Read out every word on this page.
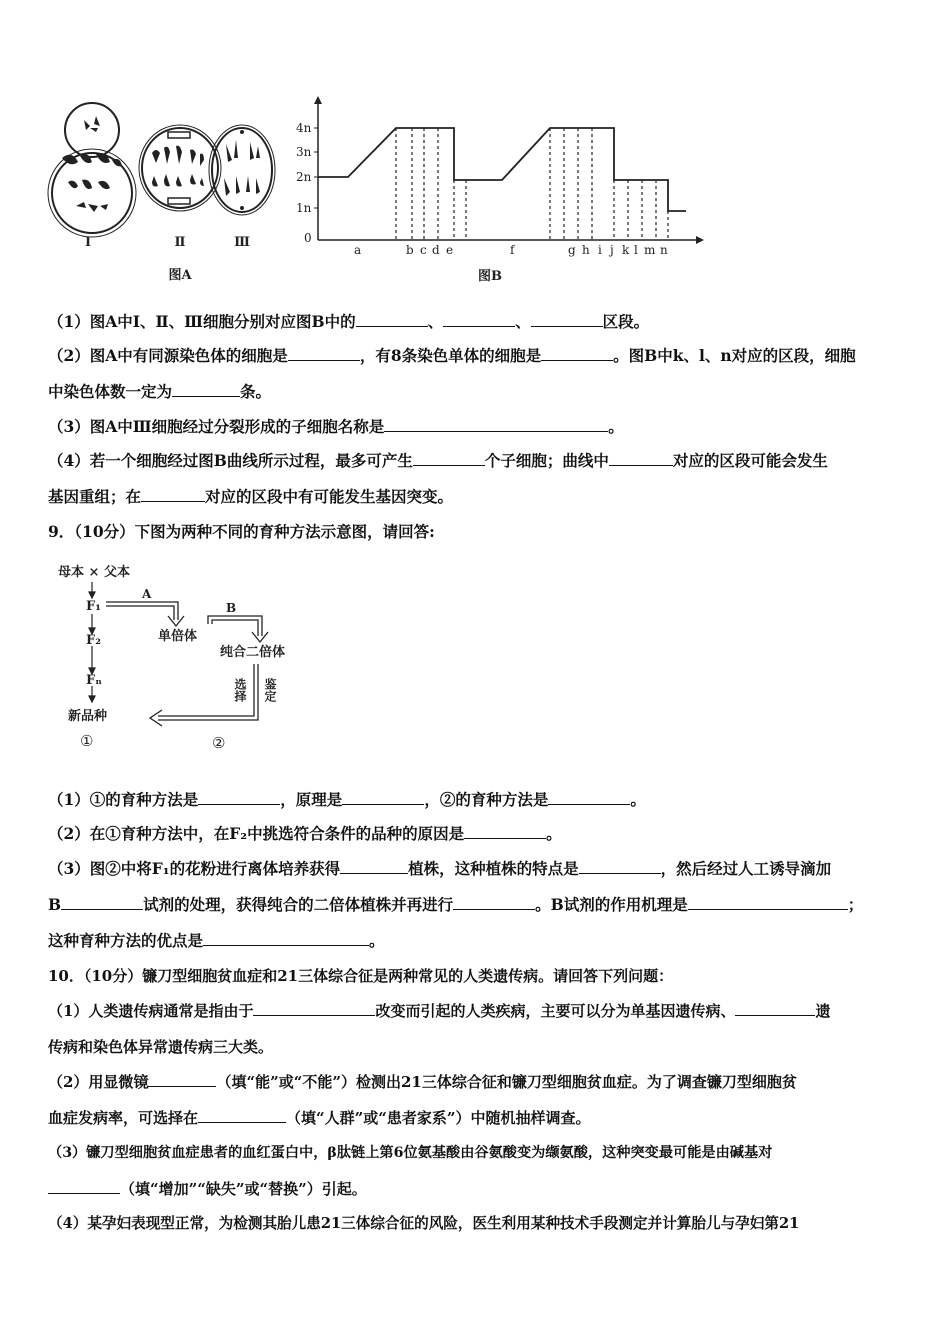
Ⅰ	Ⅱ	Ⅲ
图A
4n
3n
2n
1n
0
a	b c d e	f	g h i j k l m n
图B
（1）图A中Ⅰ、Ⅱ、Ⅲ细胞分别对应图B中的	、	、	区段。
（2）图A中有同源染色体的细胞是	，有8条染色单体的细胞是	。图B中k、l、n对应的区段，细胞
中染色体数一定为	条。
（3）图A中Ⅲ细胞经过分裂形成的子细胞名称是	。
（4）若一个细胞经过图B曲线所示过程，最多可产生	个子细胞；曲线中	对应的区段可能会发生
基因重组；在	对应的区段中有可能发生基因突变。
9．（10分）下图为两种不同的育种方法示意图，请回答:
母本 × 父本
F₁
F₂
Fₙ
新品种
①
A
单倍体
B
纯合二倍体
选择 鉴定
②
（1）①的育种方法是	，原理是	，②的育种方法是	。
（2）在①育种方法中，在F₂中挑选符合条件的品种的原因是	。
（3）图②中将F₁的花粉进行离体培养获得	植株，这种植株的特点是	，然后经过人工诱导滴加
B	试剂的处理，获得纯合的二倍体植株并再进行	。B试剂的作用机理是	；
这种育种方法的优点是	。
10．（10分）镰刀型细胞贫血症和21三体综合征是两种常见的人类遗传病。请回答下列问题：
（1）人类遗传病通常是指由于	改变而引起的人类疾病，主要可以分为单基因遗传病、	遗
传病和染色体异常遗传病三大类。
（2）用显微镜	（填“能”或“不能”）检测出21三体综合征和镰刀型细胞贫血症。为了调查镰刀型细胞贫
血症发病率，可选择在	（填“人群”或“患者家系”）中随机抽样调查。
（3）镰刀型细胞贫血症患者的血红蛋白中，β肽链上第6位氨基酸由谷氨酸变为缬氨酸，这种突变最可能是由碱基对
（填“增加”“缺失”或“替换”）引起。
（4）某孕妇表现型正常，为检测其胎儿患21三体综合征的风险，医生利用某种技术手段测定并计算胎儿与孕妇第21
